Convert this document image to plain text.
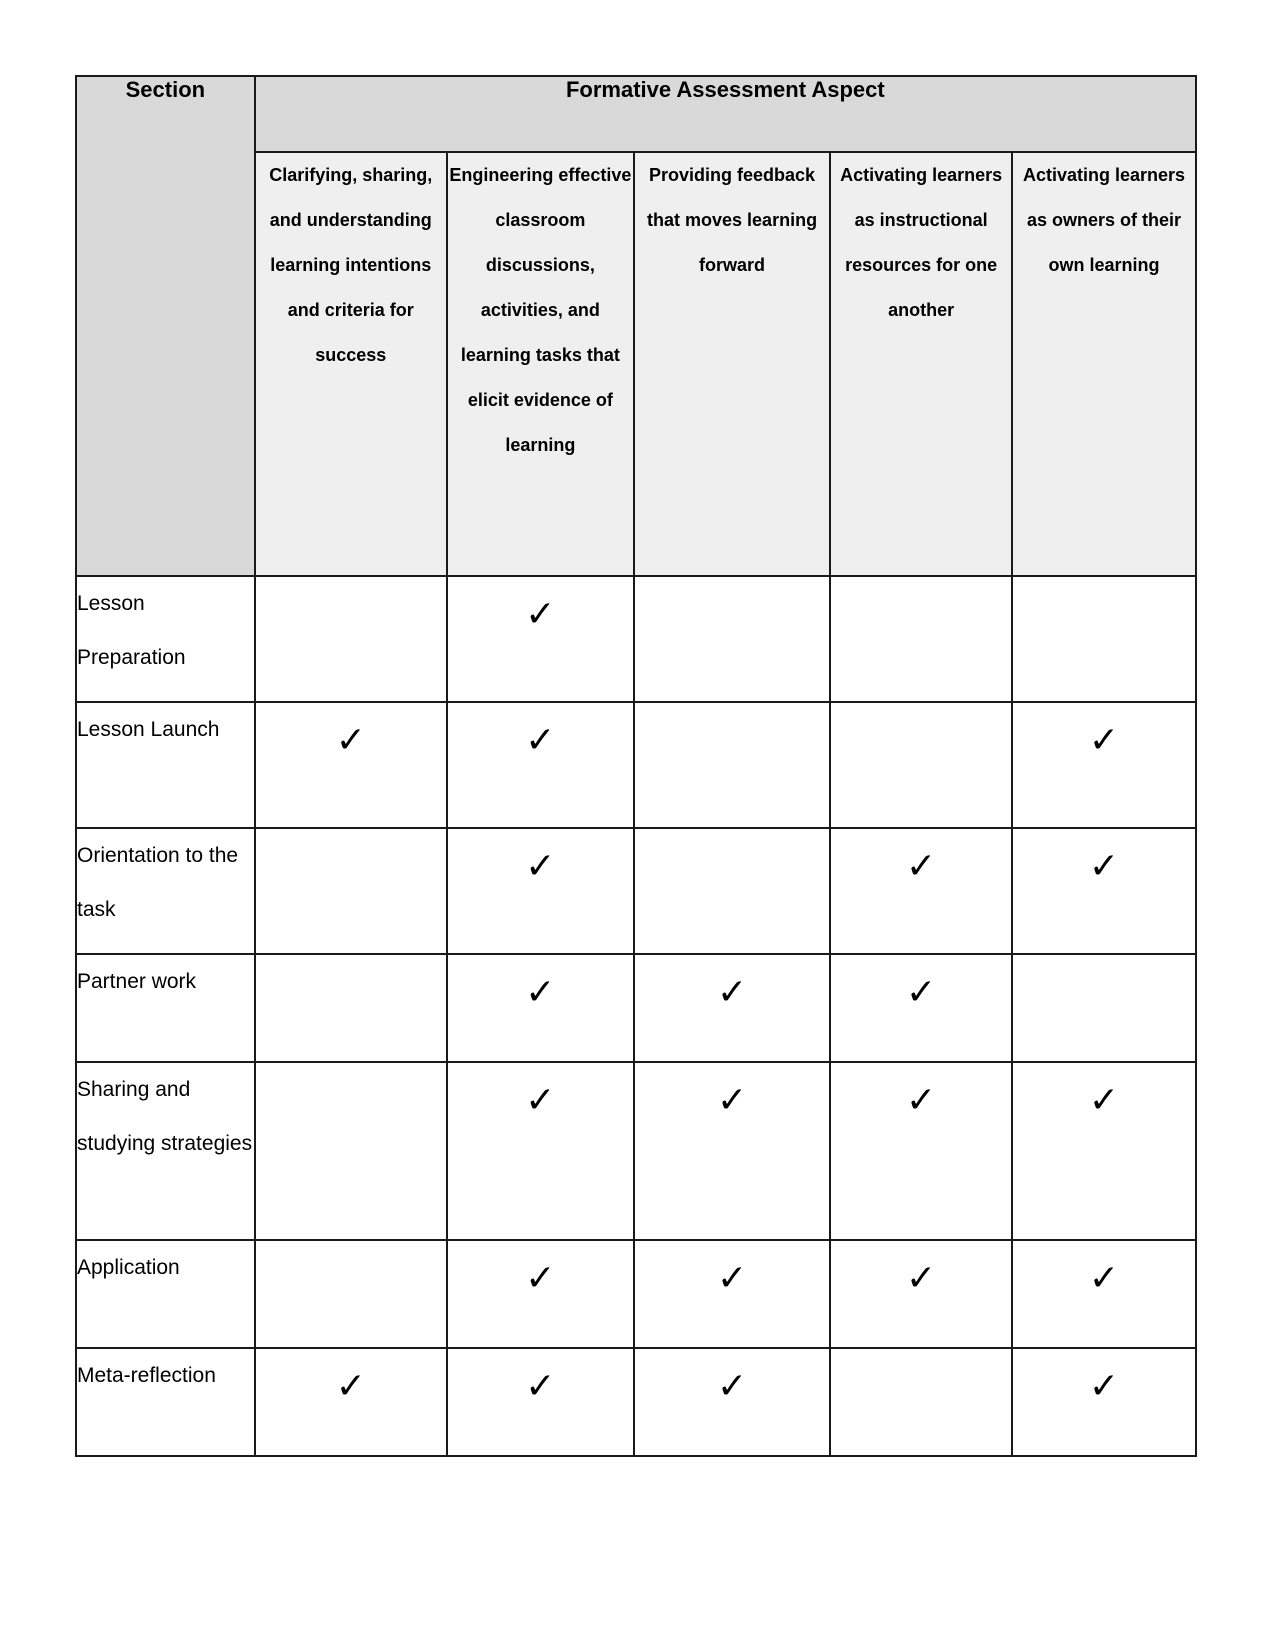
Section	Formative Assessment Aspect				
	Clarifying, sharing, and understanding learning intentions and criteria for success	Engineering effective classroom discussions, activities, and learning tasks that elicit evidence of learning	Providing feedback that moves learning forward	Activating learners as instructional resources for one another	Activating learners as owners of their own learning
Lesson Preparation		✓			
Lesson Launch	✓	✓			✓
Orientation to the task		✓		✓	✓
Partner work		✓	✓	✓	
Sharing and studying strategies		✓	✓	✓	✓
Application		✓	✓	✓	✓
Meta-reflection	✓	✓	✓		✓
